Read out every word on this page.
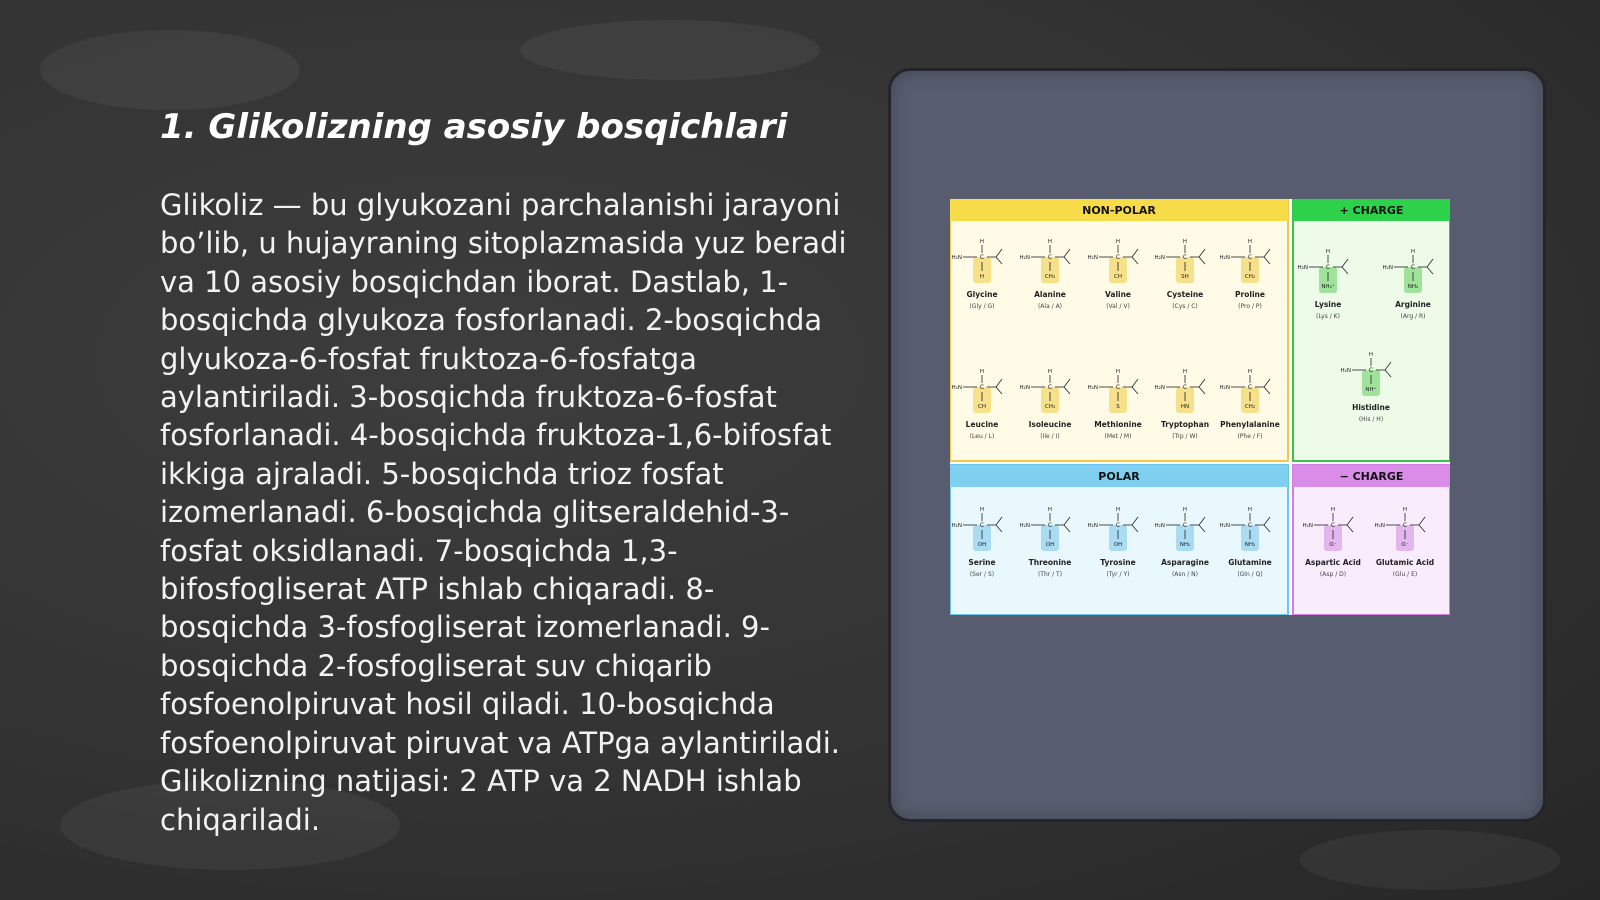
1. Glikolizning asosiy bosqichlari

Glikoliz — bu glyukozani parchalanishi jarayoni bo’lib, u hujayraning sitoplazmasida yuz beradi va 10 asosiy bosqichdan iborat. Dastlab, 1-bosqichda glyukoza fosforlanadi. 2-bosqichda glyukoza-6-fosfat fruktoza-6-fosfatga aylantiriladi. 3-bosqichda fruktoza-6-fosfat fosforlanadi. 4-bosqichda fruktoza-1,6-bifosfat ikkiga ajraladi. 5-bosqichda trioz fosfat izomerlanadi. 6-bosqichda glitseraldehid-3-fosfat oksidlanadi. 7-bosqichda 1,3-bifosfogliserat ATP ishlab chiqaradi. 8-bosqichda 3-fosfogliserat izomerlanadi. 9-bosqichda 2-fosfogliserat suv chiqarib fosfoenolpiruvat hosil qiladi. 10-bosqichda fosfoenolpiruvat piruvat va ATPga aylantiriladi. Glikolizning natijasi: 2 ATP va 2 NADH ishlab chiqariladi.

NON-POLAR
H₂N	C
H
H
Glycine
(Gly / G)
H₂N	C
H
CH₃
Alanine
(Ala / A)
H₂N	C
H
CH
Valine
(Val / V)
H₂N	C
H
SH
Cysteine
(Cys / C)
H₂N	C
H
CH₂
Proline
(Pro / P)
H₂N	C
H
CH
Leucine
(Leu / L)
H₂N	C
H
CH₃
Isoleucine
(Ile / I)
H₂N	C
H
S
Methionine
(Met / M)
H₂N	C
H
HN
Tryptophan
(Trp / W)
H₂N	C
H
CH₂
Phenylalanine
(Phe / F)
+ CHARGE
H₂N	C
H
NH₃⁺
Lysine
(Lys / K)
H₂N	C
H
NH₂
Arginine
(Arg / R)
H₂N	C
H
NH⁺
Histidine
(His / H)
POLAR
H₂N	C
H
OH
Serine
(Ser / S)
H₂N	C
H
OH
Threonine
(Thr / T)
H₂N	C
H
OH
Tyrosine
(Tyr / Y)
H₂N	C
H
NH₂
Asparagine
(Asn / N)
H₂N	C
H
NH₂
Glutamine
(Gln / Q)
− CHARGE
H₂N	C
H
O⁻
Aspartic Acid
(Asp / D)
H₂N	C
H
O⁻
Glutamic Acid
(Glu / E)
